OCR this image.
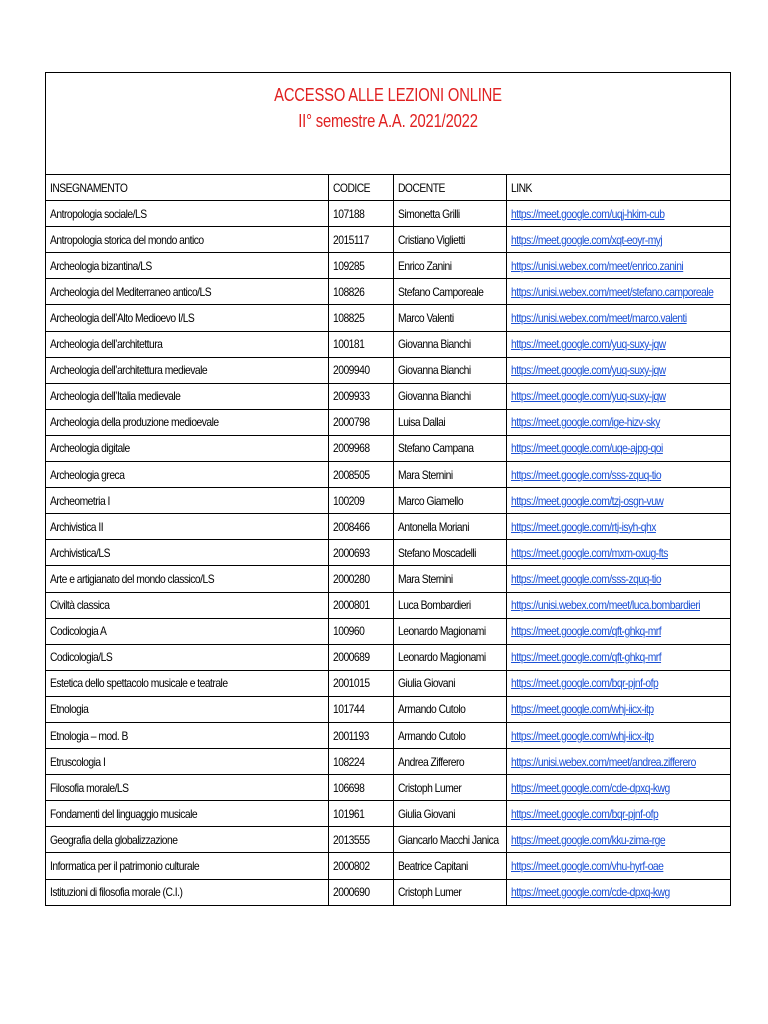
ACCESSO ALLE LEZIONI ONLINE
II° semestre A.A. 2021/2022
INSEGNAMENTO	CODICE	DOCENTE	LINK
Antropologia sociale/LS	107188	Simonetta Grilli	https://meet.google.com/uqj-hkim-cub
Antropologia storica del mondo antico	2015117	Cristiano Viglietti	https://meet.google.com/xqt-eoyr-myj
Archeologia bizantina/LS	109285	Enrico Zanini	https://unisi.webex.com/meet/enrico.zanini
Archeologia del Mediterraneo antico/LS	108826	Stefano Camporeale	https://unisi.webex.com/meet/stefano.camporeale
Archeologia dell’Alto Medioevo I/LS	108825	Marco Valenti	https://unisi.webex.com/meet/marco.valenti
Archeologia dell’architettura	100181	Giovanna Bianchi	https://meet.google.com/yuq-suxy-jqw
Archeologia dell’architettura medievale	2009940	Giovanna Bianchi	https://meet.google.com/yuq-suxy-jqw
Archeologia dell’Italia medievale	2009933	Giovanna Bianchi	https://meet.google.com/yuq-suxy-jqw
Archeologia della produzione medioevale	2000798	Luisa Dallai	https://meet.google.com/ige-hizv-sky
Archeologia digitale	2009968	Stefano Campana	https://meet.google.com/uqe-ajpg-qoi
Archeologia greca	2008505	Mara Sternini	https://meet.google.com/sss-zquq-tio
Archeometria I	100209	Marco Giamello	https://meet.google.com/tzj-osgn-vuw
Archivistica II	2008466	Antonella Moriani	https://meet.google.com/rtj-isyh-qhx
Archivistica/LS	2000693	Stefano Moscadelli	https://meet.google.com/mxm-oxug-fts
Arte e artigianato del mondo classico/LS	2000280	Mara Sternini	https://meet.google.com/sss-zquq-tio
Civiltà classica	2000801	Luca Bombardieri	https://unisi.webex.com/meet/luca.bombardieri
Codicologia A	100960	Leonardo Magionami	https://meet.google.com/qft-ghkq-mrf
Codicologia/LS	2000689	Leonardo Magionami	https://meet.google.com/qft-ghkq-mrf
Estetica dello spettacolo musicale e teatrale	2001015	Giulia Giovani	https://meet.google.com/bqr-pjnf-ofp
Etnologia	101744	Armando Cutolo	https://meet.google.com/whj-iicx-itp
Etnologia – mod. B	2001193	Armando Cutolo	https://meet.google.com/whj-iicx-itp
Etruscologia I	108224	Andrea Zifferero	https://unisi.webex.com/meet/andrea.zifferero
Filosofia morale/LS	106698	Cristoph Lumer	https://meet.google.com/cde-dpxq-kwg
Fondamenti del linguaggio musicale	101961	Giulia Giovani	https://meet.google.com/bqr-pjnf-ofp
Geografia della globalizzazione	2013555	Giancarlo Macchi Janica	https://meet.google.com/kku-zima-rge
Informatica per il patrimonio culturale	2000802	Beatrice Capitani	https://meet.google.com/vhu-hyrf-oae
Istituzioni di filosofia morale (C.I.)	2000690	Cristoph Lumer	https://meet.google.com/cde-dpxq-kwg
